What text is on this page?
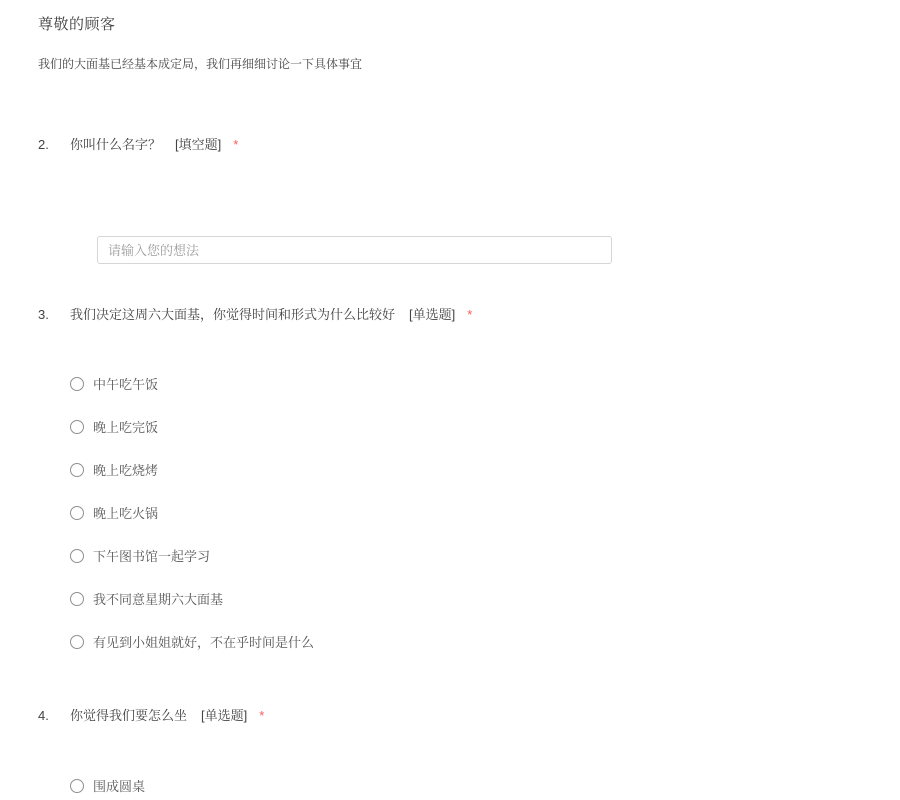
尊敬的顾客
我们的大面基已经基本成定局，我们再细细讨论一下具体事宜
2.	你叫什么名字？ [填空题] *
请输入您的想法
3.	我们决定这周六大面基，你觉得时间和形式为什么比较好 [单选题] *
中午吃午饭
晚上吃完饭
晚上吃烧烤
晚上吃火锅
下午图书馆一起学习
我不同意星期六大面基
有见到小姐姐就好，不在乎时间是什么
4.	你觉得我们要怎么坐 [单选题] *
围成圆桌
